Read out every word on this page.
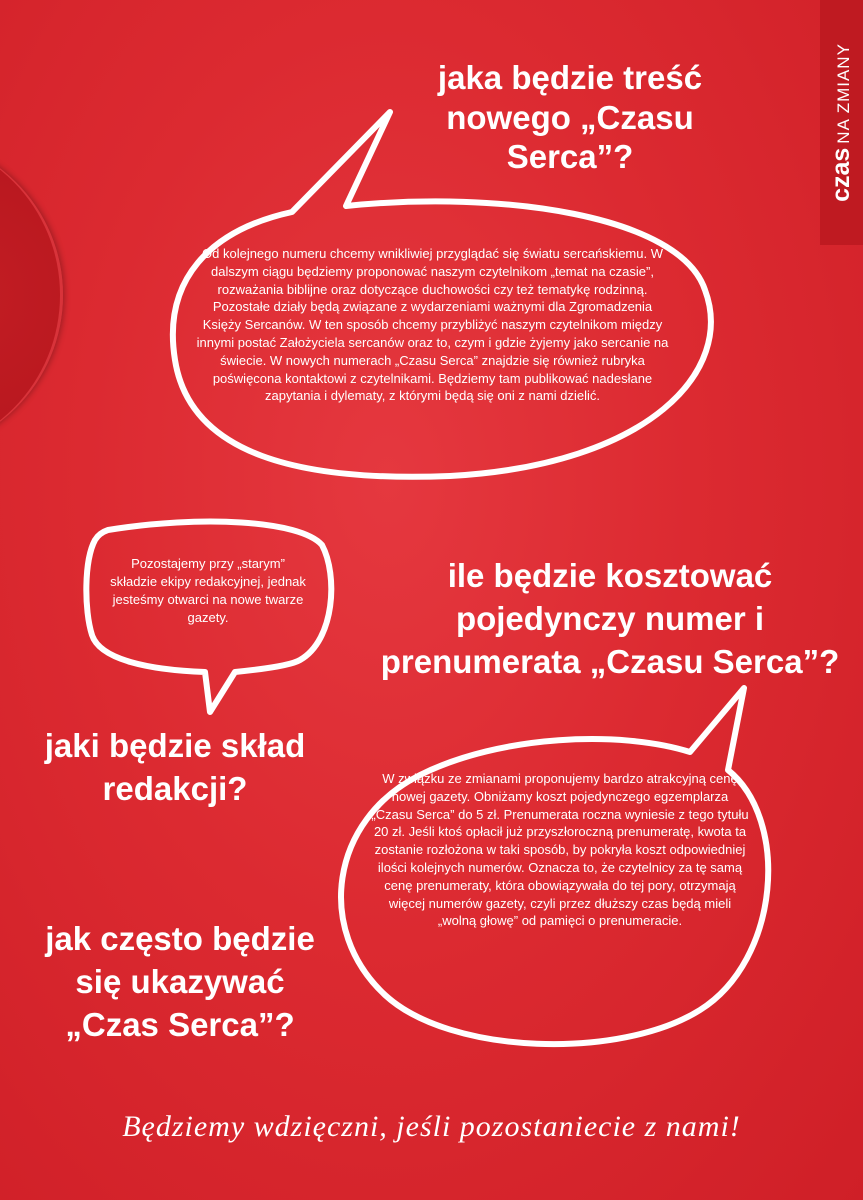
czasNA ZMIANY
jaka będzie treść nowego „Czasu Serca”?
Od kolejnego numeru chcemy wnikliwiej przyglądać się światu sercańskiemu. W dalszym ciągu będziemy proponować naszym czytelnikom „temat na czasie”, rozważania biblijne oraz dotyczące duchowości czy też tematykę rodzinną. Pozostałe działy będą związane z wydarzeniami ważnymi dla Zgromadzenia Księży Sercanów. W ten sposób chcemy przybliżyć naszym czytelnikom między innymi postać Założyciela sercanów oraz to, czym i gdzie żyjemy jako sercanie na świecie. W nowych numerach „Czasu Serca” znajdzie się również rubryka poświęcona kontaktowi z czytelnikami. Będziemy tam publikować nadesłane zapytania i dylematy, z którymi będą się oni z nami dzielić.
Pozostajemy przy „starym” składzie ekipy redakcyjnej, jednak jesteśmy otwarci na nowe twarze gazety.
ile będzie kosztować pojedynczy numer i prenumerata „Czasu Serca”?
jaki będzie skład redakcji?	W związku ze zmianami proponujemy bardzo atrakcyjną cenę nowej gazety. Obniżamy koszt pojedynczego egzemplarza „Czasu Serca” do 5 zł. Prenumerata roczna wyniesie z tego tytułu 20 zł. Jeśli ktoś opłacił już przyszłoroczną prenumeratę, kwota ta zostanie rozłożona w taki sposób, by pokryła koszt odpowiedniej ilości kolejnych numerów. Oznacza to, że czytelnicy za tę samą cenę prenumeraty, która obowiązywała do tej pory, otrzymają więcej numerów gazety, czyli przez dłuższy czas będą mieli „wolną głowę” od pamięci o prenumeracie.
jak często będzie się ukazywać „Czas Serca”?
Będziemy wdzięczni, jeśli pozostaniecie z nami!
